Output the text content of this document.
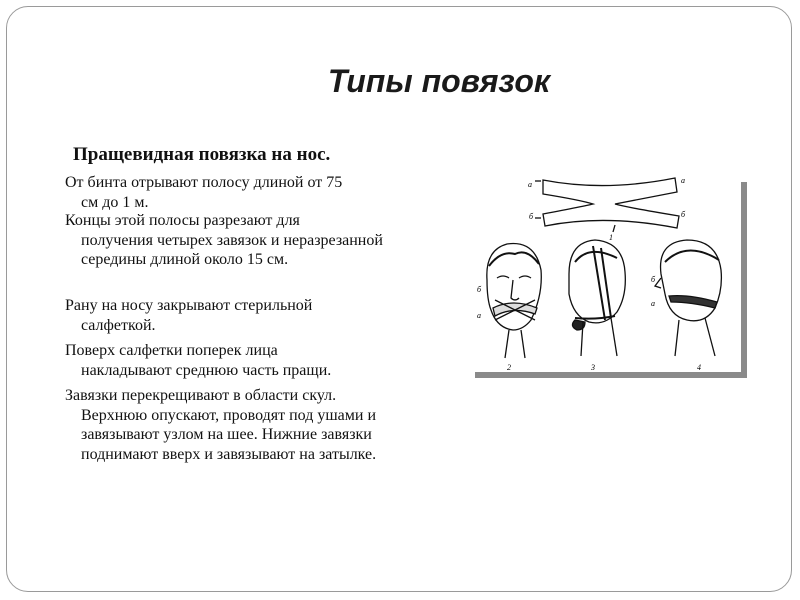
Типы повязок
Пращевидная повязка на нос.
От бинта отрывают полосу длиной от 75
см до 1 м.
Концы этой полосы разрезают для
получения четырех завязок и неразрезанной середины длиной около 15 см.
Рану на носу закрывают стерильной
салфеткой.
Поверх салфетки поперек лица
накладывают среднюю часть пращи.
Завязки перекрещивают в области скул.
Верхнюю опускают, проводят под ушами и завязывают узлом на шее. Нижние завязки поднимают вверх и завязывают на затылке.
а
б
а
б
1
б
а
2	3
б
а
4
